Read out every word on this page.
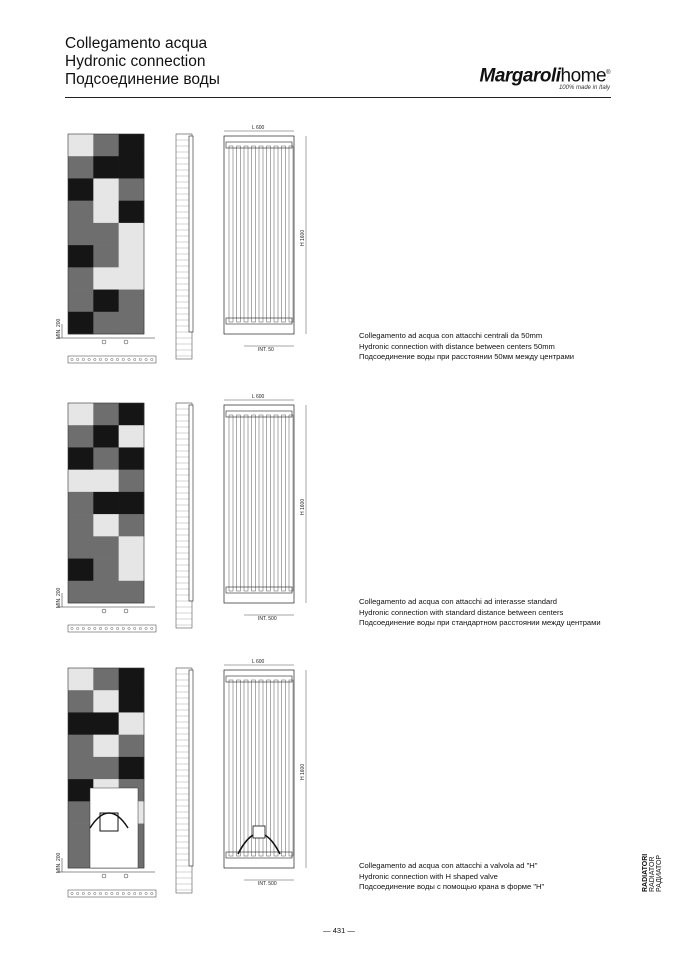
Collegamento acqua
Hydronic connection
Подсоединение воды	Margarolihome®
100% made in Italy
MIN. 200
L 600
H 1600
INT. 50
MIN. 200
L 600
H 1600
INT. 500
MIN. 200
L 600
H 1600
INT. 500
Collegamento ad acqua con attacchi centrali da 50mm
Hydronic connection with distance between centers 50mm
Подсоединение воды при расстоянии 50мм между центрами
Collegamento ad acqua con attacchi ad interasse standard
Hydronic connection with standard distance between centers
Подсоединение воды при стандартном расстоянии между центрами
Collegamento ad acqua con attacchi a valvola ad "H"
Hydronic connection with H shaped valve
Подсоединение воды с помощью крана в форме "H"	RADIATORI RADIATOR РАДИАТОР
— 431 —
